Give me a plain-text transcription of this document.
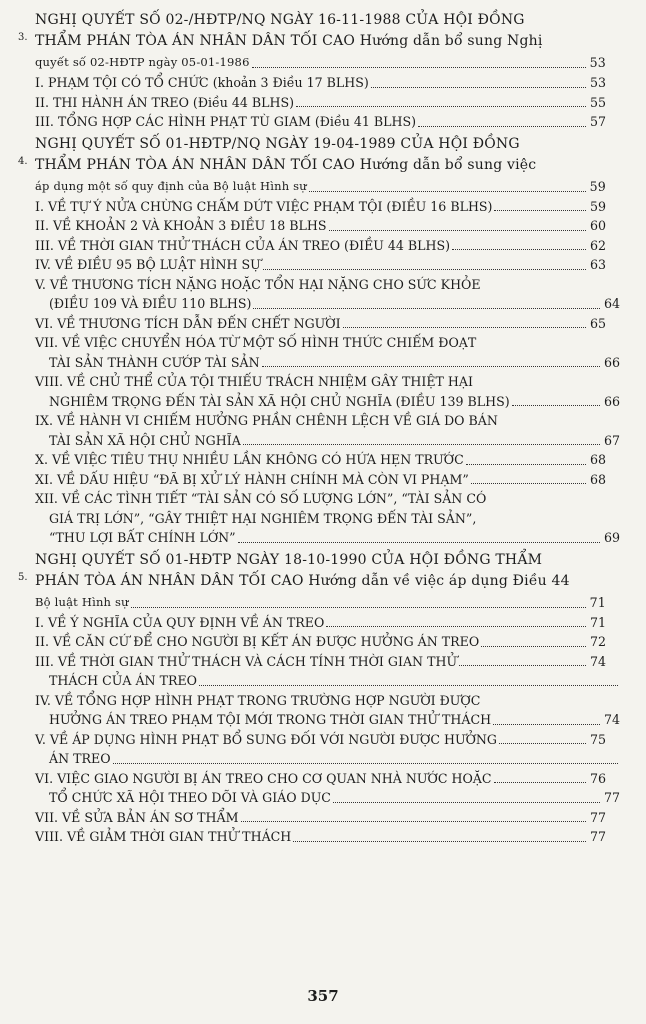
3.
NGHỊ QUYẾT SỐ 02-/HĐTP/NQ NGÀY 16-11-1988 CỦA HỘI ĐỒNG
THẨM PHÁN TÒA ÁN NHÂN DÂN TỐI CAO Hướng dẫn bổ sung Nghị
quyết số 02-HĐTP ngày 05-01-1986	53
I. PHẠM TỘI CÓ TỔ CHỨC (khoản 3 Điều 17 BLHS)	53
II. THI HÀNH ÁN TREO (Điều 44 BLHS)	55
III. TỔNG HỢP CÁC HÌNH PHẠT TÙ GIAM (Điều 41 BLHS)	57
4.
NGHỊ QUYẾT SỐ 01-HĐTP/NQ NGÀY 19-04-1989 CỦA HỘI ĐỒNG
THẨM PHÁN TÒA ÁN NHÂN DÂN TỐI CAO Hướng dẫn bổ sung việc
áp dụng một số quy định của Bộ luật Hình sự	59
I. VỀ TỰ Ý NỬA CHỪNG CHẤM DỨT VIỆC PHẠM TỘI (ĐIỀU 16 BLHS)	59
II. VỀ KHOẢN 2 VÀ KHOẢN 3 ĐIỀU 18 BLHS	60
III. VỀ THỜI GIAN THỬ THÁCH CỦA ÁN TREO (ĐIỀU 44 BLHS)	62
IV. VỀ ĐIỀU 95 BỘ LUẬT HÌNH SỰ	63
V. VỀ THƯƠNG TÍCH NẶNG HOẶC TỔN HẠI NẶNG CHO SỨC KHỎE
(ĐIỀU 109 VÀ ĐIỀU 110 BLHS)	64
VI. VỀ THƯƠNG TÍCH DẪN ĐẾN CHẾT NGƯỜI	65
VII. VỀ VIỆC CHUYỂN HÓA TỪ MỘT SỐ HÌNH THỨC CHIẾM ĐOẠT
TÀI SẢN THÀNH CƯỚP TÀI SẢN	66
VIII. VỀ CHỦ THỂ CỦA TỘI THIẾU TRÁCH NHIỆM GÂY THIỆT HẠI
NGHIÊM TRỌNG ĐẾN TÀI SẢN XÃ HỘI CHỦ NGHĨA (ĐIỀU 139 BLHS)	66
IX. VỀ HÀNH VI CHIẾM HƯỞNG PHẦN CHÊNH LỆCH VỀ GIÁ DO BÁN
TÀI SẢN XÃ HỘI CHỦ NGHĨA	67
X. VỀ VIỆC TIÊU THỤ NHIỀU LẦN KHÔNG CÓ HỨA HẸN TRƯỚC	68
XI. VỀ DẤU HIỆU “ĐÃ BỊ XỬ LÝ HÀNH CHÍNH MÀ CÒN VI PHẠM”	68
XII. VỀ CÁC TÌNH TIẾT “TÀI SẢN CÓ SỐ LƯỢNG LỚN”, “TÀI SẢN CÓ
GIÁ TRỊ LỚN”, “GÂY THIỆT HẠI NGHIÊM TRỌNG ĐẾN TÀI SẢN”,
“THU LỢI BẤT CHÍNH LỚN”	69
5.
NGHỊ QUYẾT SỐ 01-HĐTP NGÀY 18-10-1990 CỦA HỘI ĐỒNG THẨM
PHÁN TÒA ÁN NHÂN DÂN TỐI CAO Hướng dẫn về việc áp dụng Điều 44
Bộ luật Hình sự	71
I. VỀ Ý NGHĨA CỦA QUY ĐỊNH VỀ ÁN TREO	71
II. VỀ CĂN CỨ ĐỂ CHO NGƯỜI BỊ KẾT ÁN ĐƯỢC HƯỞNG ÁN TREO	72
III. VỀ THỜI GIAN THỬ THÁCH VÀ CÁCH TÍNH THỜI GIAN THỬ	74
THÁCH CỦA ÁN TREO
IV. VỀ TỔNG HỢP HÌNH PHẠT TRONG TRƯỜNG HỢP NGƯỜI ĐƯỢC
HƯỞNG ÁN TREO PHẠM TỘI MỚI TRONG THỜI GIAN THỬ THÁCH	74
V. VỀ ÁP DỤNG HÌNH PHẠT BỔ SUNG ĐỐI VỚI NGƯỜI ĐƯỢC HƯỞNG	75
ÁN TREO
VI. VIỆC GIAO NGƯỜI BỊ ÁN TREO CHO CƠ QUAN NHÀ NƯỚC HOẶC	76
TỔ CHỨC XÃ HỘI THEO DÕI VÀ GIÁO DỤC	77
VII. VỀ SỬA BẢN ÁN SƠ THẨM	77
VIII. VỀ GIẢM THỜI GIAN THỬ THÁCH	77
357
